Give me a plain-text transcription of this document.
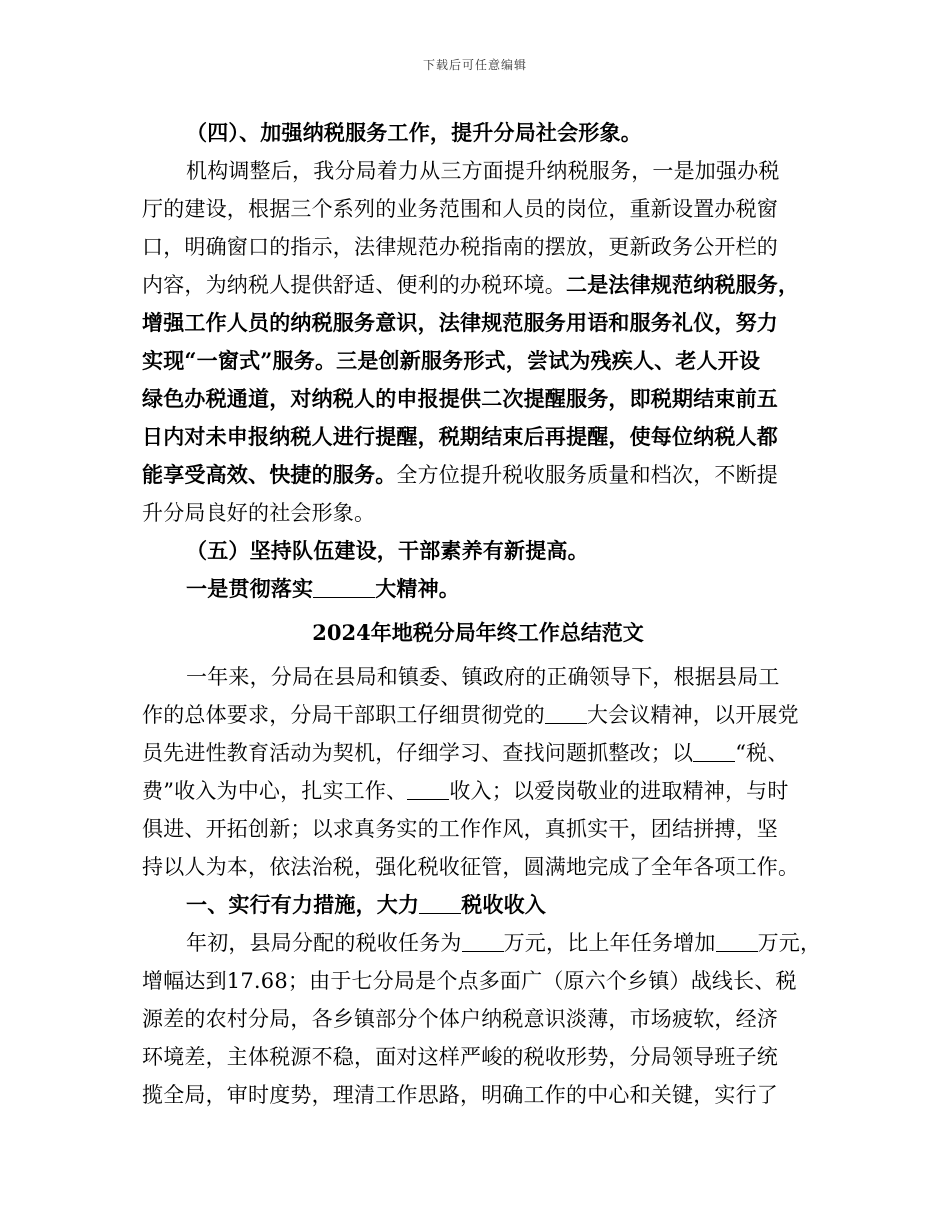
下载后可任意编辑
（四）、加强纳税服务工作，提升分局社会形象。
机构调整后，我分局着力从三方面提升纳税服务，一是加强办税
厅的建设，根据三个系列的业务范围和人员的岗位，重新设置办税窗
口，明确窗口的指示，法律规范办税指南的摆放，更新政务公开栏的
内容，为纳税人提供舒适、便利的办税环境。二是法律规范纳税服务，
增强工作人员的纳税服务意识，法律规范服务用语和服务礼仪，努力
实现“一窗式”服务。三是创新服务形式，尝试为残疾人、老人开设
绿色办税通道，对纳税人的申报提供二次提醒服务，即税期结束前五
日内对未申报纳税人进行提醒，税期结束后再提醒，使每位纳税人都
能享受高效、快捷的服务。全方位提升税收服务质量和档次，不断提
升分局良好的社会形象。
（五）坚持队伍建设，干部素养有新提高。
一是贯彻落实	大精神。
2024年地税分局年终工作总结范文
一年来，分局在县局和镇委、镇政府的正确领导下，根据县局工
作的总体要求，分局干部职工仔细贯彻党的 大会议精神，以开展党
员先进性教育活动为契机，仔细学习、查找问题抓整改；以 “税、
费”收入为中心，扎实工作、 收入；以爱岗敬业的进取精神，与时
俱进、开拓创新；以求真务实的工作作风，真抓实干，团结拼搏，坚
持以人为本，依法治税，强化税收征管，圆满地完成了全年各项工作。
一、实行有力措施，大力 税收收入
年初，县局分配的税收任务为 万元，比上年任务增加 万元，
增幅达到17.68；由于七分局是个点多面广（原六个乡镇）战线长、税
源差的农村分局，各乡镇部分个体户纳税意识淡薄，市场疲软，经济
环境差，主体税源不稳，面对这样严峻的税收形势，分局领导班子统
揽全局，审时度势，理清工作思路，明确工作的中心和关键，实行了
